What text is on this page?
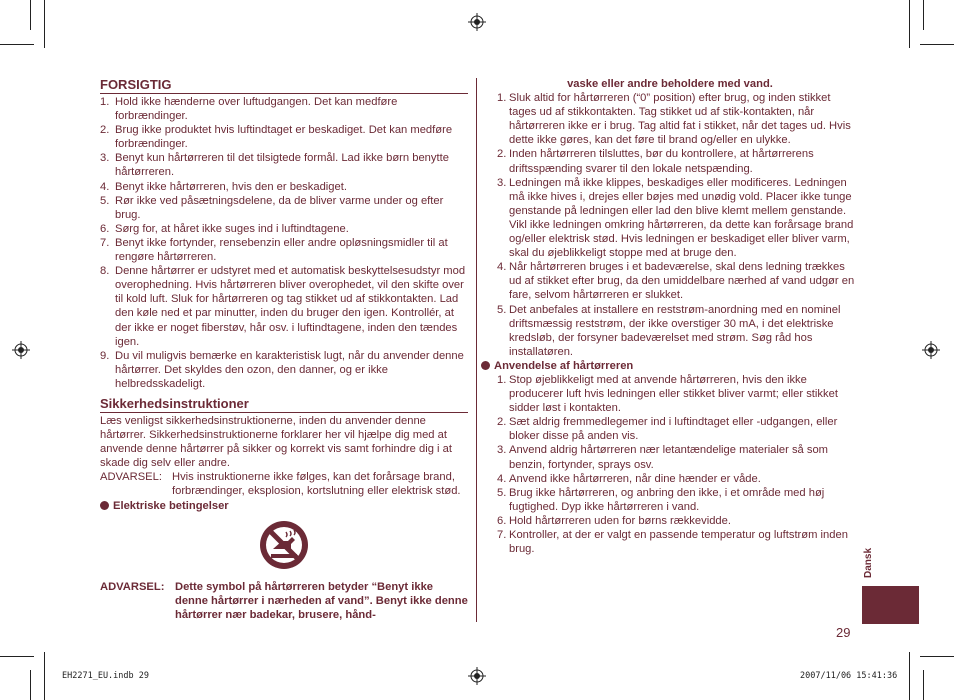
FORSIGTIG
1. Hold ikke hænderne over luftudgangen. Det kan medføre forbrændinger.
2. Brug ikke produktet hvis luftindtaget er beskadiget. Det kan medføre forbrændinger.
3. Benyt kun hårtørreren til det tilsigtede formål. Lad ikke børn benytte hårtørreren.
4. Benyt ikke hårtørreren, hvis den er beskadiget.
5. Rør ikke ved påsætningsdelene, da de bliver varme under og efter brug.
6. Sørg for, at håret ikke suges ind i luftindtagene.
7. Benyt ikke fortynder, rensebenzin eller andre opløsningsmidler til at rengøre hårtørreren.
8. Denne hårtørrer er udstyret med et automatisk beskyttelsesudstyr mod overophedning. Hvis hårtørreren bliver overophedet, vil den skifte over til kold luft. Sluk for hårtørreren og tag stikket ud af stikkontakten. Lad den køle ned et par minutter, inden du bruger den igen. Kontrollér, at der ikke er noget fiberstøv, hår osv. i luftindtagene, inden den tændes igen.
9. Du vil muligvis bemærke en karakteristisk lugt, når du anvender denne hårtørrer. Det skyldes den ozon, den danner, og er ikke helbredsskadeligt.
Sikkerhedsinstruktioner
Læs venligst sikkerhedsinstruktionerne, inden du anvender denne hårtørrer. Sikkerhedsinstruktionerne forklarer her vil hjælpe dig med at anvende denne hårtørrer på sikker og korrekt vis samt forhindre dig i at skade dig selv eller andre.
ADVARSEL: Hvis instruktionerne ikke følges, kan det forårsage brand, forbrændinger, eksplosion, kortslutning eller elektrisk stød.
Elektriske betingelser
ADVARSEL: Dette symbol på hårtørreren betyder “Benyt ikke denne hårtørrer i nærheden af vand”. Benyt ikke denne hårtørrer nær badekar, brusere, hånd-
vaske eller andre beholdere med vand.
1. Sluk altid for hårtørreren (“0” position) efter brug, og inden stikket tages ud af stikkontakten. Tag stikket ud af stik-kontakten, når hårtørreren ikke er i brug. Tag altid fat i stikket, når det tages ud. Hvis dette ikke gøres, kan det føre til brand og/eller en ulykke.
2. Inden hårtørreren tilsluttes, bør du kontrollere, at hårtørrerens driftsspænding svarer til den lokale netspænding.
3. Ledningen må ikke klippes, beskadiges eller modificeres. Ledningen må ikke hives i, drejes eller bøjes med unødig vold. Placer ikke tunge genstande på ledningen eller lad den blive klemt mellem genstande. Vikl ikke ledningen omkring hårtørreren, da dette kan forårsage brand og/eller elektrisk stød. Hvis ledningen er beskadiget eller bliver varm, skal du øjeblikkeligt stoppe med at bruge den.
4. Når hårtørreren bruges i et badeværelse, skal dens ledning trækkes ud af stikket efter brug, da den umiddelbare nærhed af vand udgør en fare, selvom hårtørreren er slukket.
5. Det anbefales at installere en reststrøm-anordning med en nominel driftsmæssig reststrøm, der ikke overstiger 30 mA, i det elektriske kredsløb, der forsyner badeværelset med strøm. Søg råd hos installatøren.
Anvendelse af hårtørreren
1. Stop øjeblikkeligt med at anvende hårtørreren, hvis den ikke producerer luft hvis ledningen eller stikket bliver varmt; eller stikket sidder løst i kontakten.
2. Sæt aldrig fremmedlegemer ind i luftindtaget eller -udgangen, eller bloker disse på anden vis.
3. Anvend aldrig hårtørreren nær letantændelige materialer så som benzin, fortynder, sprays osv.
4. Anvend ikke hårtørreren, når dine hænder er våde.
5. Brug ikke hårtørreren, og anbring den ikke, i et område med høj fugtighed. Dyp ikke hårtørreren i vand.
6. Hold hårtørreren uden for børns rækkevidde.
7. Kontroller, at der er valgt en passende temperatur og luftstrøm inden brug.	Dansk
29
EH2271_EU.indb 29	2007/11/06 15:41:36
